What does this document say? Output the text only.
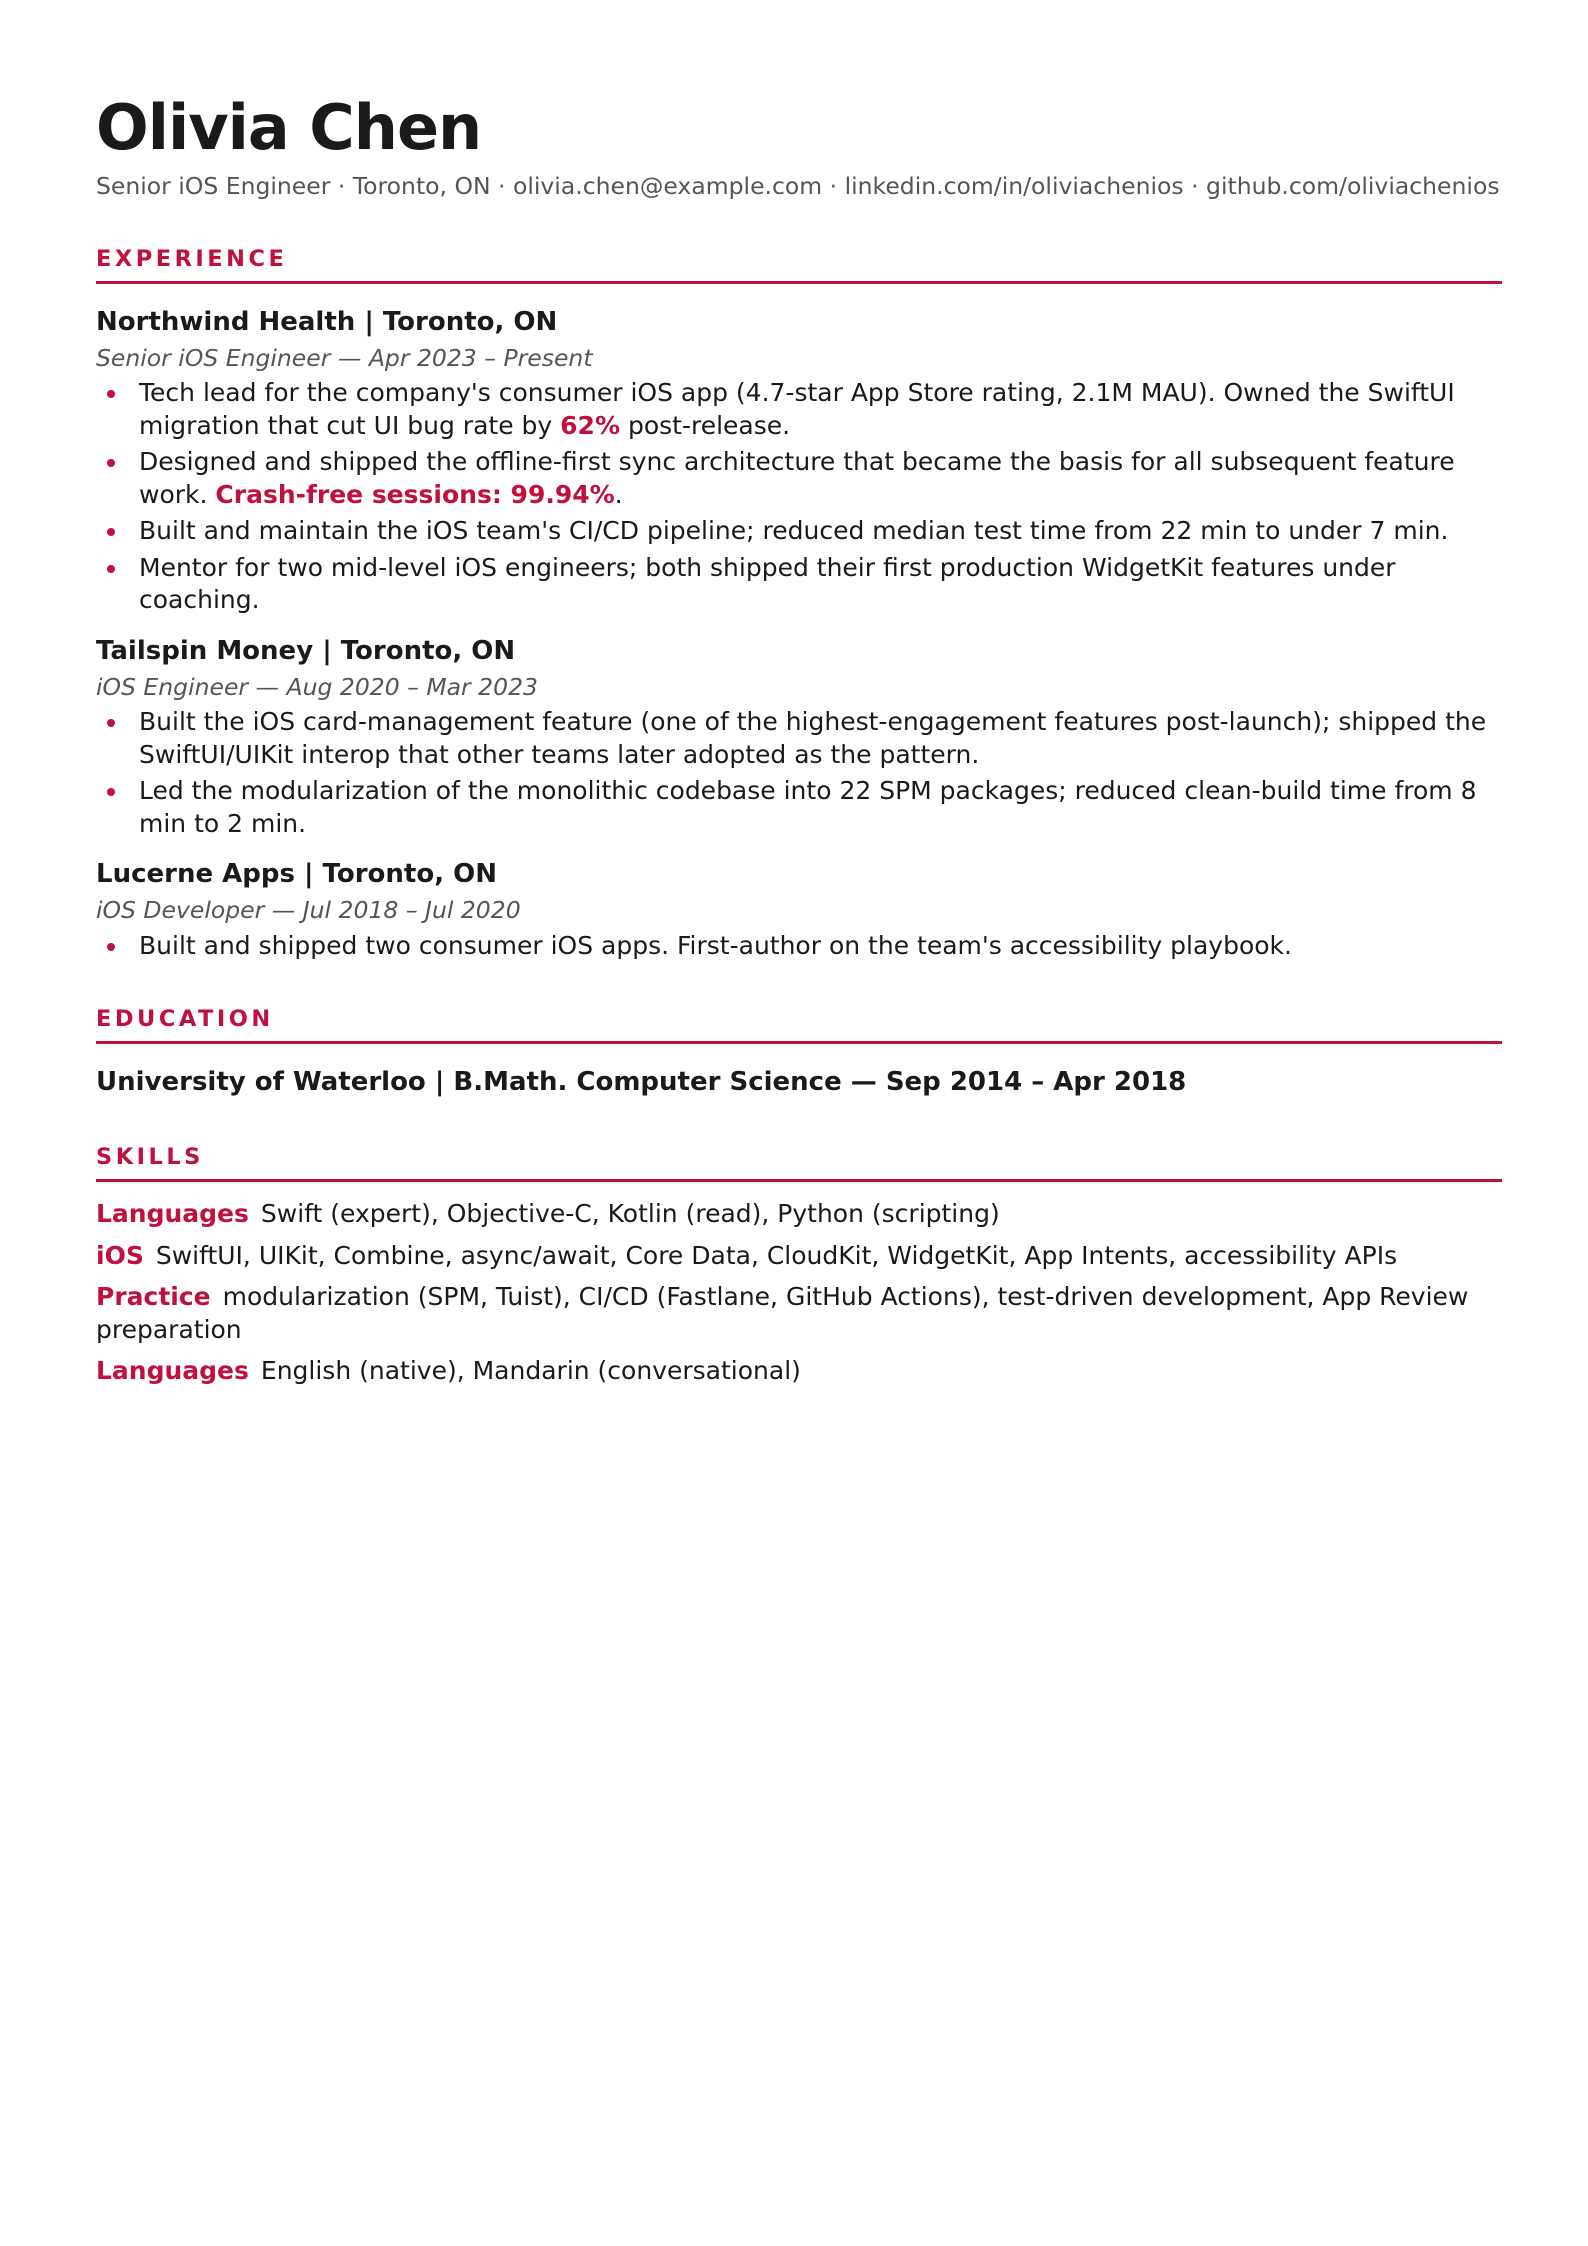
Olivia Chen
Senior iOS Engineer · Toronto, ON · olivia.chen@example.com · linkedin.com/in/oliviachenios · github.com/oliviachenios
EXPERIENCE
Northwind Health | Toronto, ON
Senior iOS Engineer — Apr 2023 – Present
Tech lead for the company's consumer iOS app (4.7-star App Store rating, 2.1M MAU). Owned the SwiftUI migration that cut UI bug rate by 62% post-release.
Designed and shipped the offline-first sync architecture that became the basis for all subsequent feature work. Crash-free sessions: 99.94%.
Built and maintain the iOS team's CI/CD pipeline; reduced median test time from 22 min to under 7 min.
Mentor for two mid-level iOS engineers; both shipped their first production WidgetKit features under coaching.
Tailspin Money | Toronto, ON
iOS Engineer — Aug 2020 – Mar 2023
Built the iOS card-management feature (one of the highest-engagement features post-launch); shipped the SwiftUI/UIKit interop that other teams later adopted as the pattern.
Led the modularization of the monolithic codebase into 22 SPM packages; reduced clean-build time from 8 min to 2 min.
Lucerne Apps | Toronto, ON
iOS Developer — Jul 2018 – Jul 2020
Built and shipped two consumer iOS apps. First-author on the team's accessibility playbook.
EDUCATION
University of Waterloo | B.Math. Computer Science — Sep 2014 – Apr 2018
SKILLS
Languages Swift (expert), Objective-C, Kotlin (read), Python (scripting)
iOS SwiftUI, UIKit, Combine, async/await, Core Data, CloudKit, WidgetKit, App Intents, accessibility APIs
Practice modularization (SPM, Tuist), CI/CD (Fastlane, GitHub Actions), test-driven development, App Review preparation
Languages English (native), Mandarin (conversational)
